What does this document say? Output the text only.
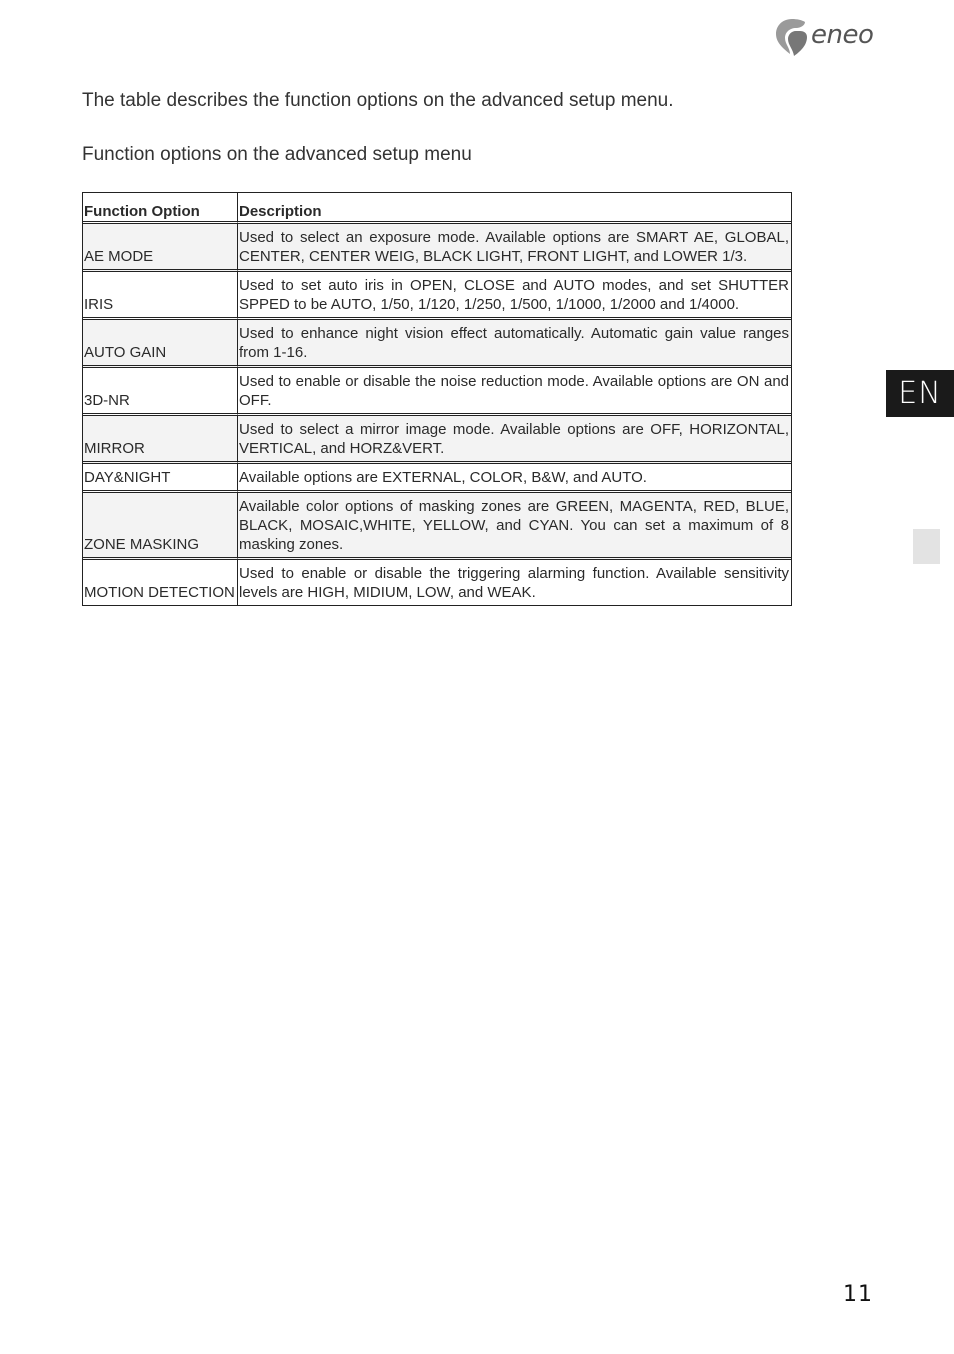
eneo

The table describes the function options on the advanced setup menu.

Function options on the advanced setup menu

Function Option	Description
AE MODE	Used to select an exposure mode. Available options are SMART AE, GLOBAL, CENTER, CENTER WEIG, BLACK LIGHT, FRONT LIGHT, and LOWER 1/3.
IRIS	Used to set auto iris in OPEN, CLOSE and AUTO modes, and set SHUTTER SPPED to be AUTO, 1/50, 1/120, 1/250, 1/500, 1/1000, 1/2000 and 1/4000.
AUTO GAIN	Used to enhance night vision effect automatically. Automatic gain value ranges from 1-16.
3D-NR	Used to enable or disable the noise reduction mode. Available options are ON and OFF.
MIRROR	Used to select a mirror image mode. Available options are OFF, HORIZONTAL, VERTICAL, and HORZ&VERT.
DAY&NIGHT	Available options are EXTERNAL, COLOR, B&W, and AUTO.
ZONE MASKING	Available color options of masking zones are GREEN, MAGENTA, RED, BLUE, BLACK, MOSAIC,WHITE, YELLOW, and CYAN. You can set a maximum of 8 masking zones.
MOTION DETECTION	Used to enable or disable the triggering alarming function. Available sensitivity levels are HIGH, MIDIUM, LOW, and WEAK.
EN
11
